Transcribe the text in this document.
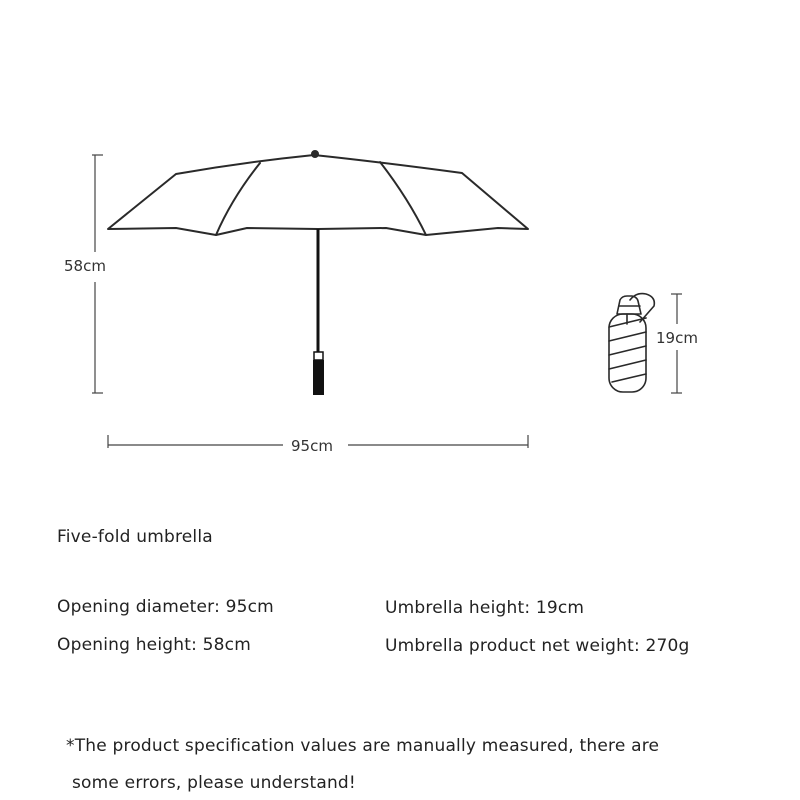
58cm
95cm
19cm
Five-fold umbrella
Opening diameter: 95cm
Opening height: 58cm
Umbrella height: 19cm
Umbrella product net weight: 270g
*The product specification values are manually measured, there are
some errors, please understand!
